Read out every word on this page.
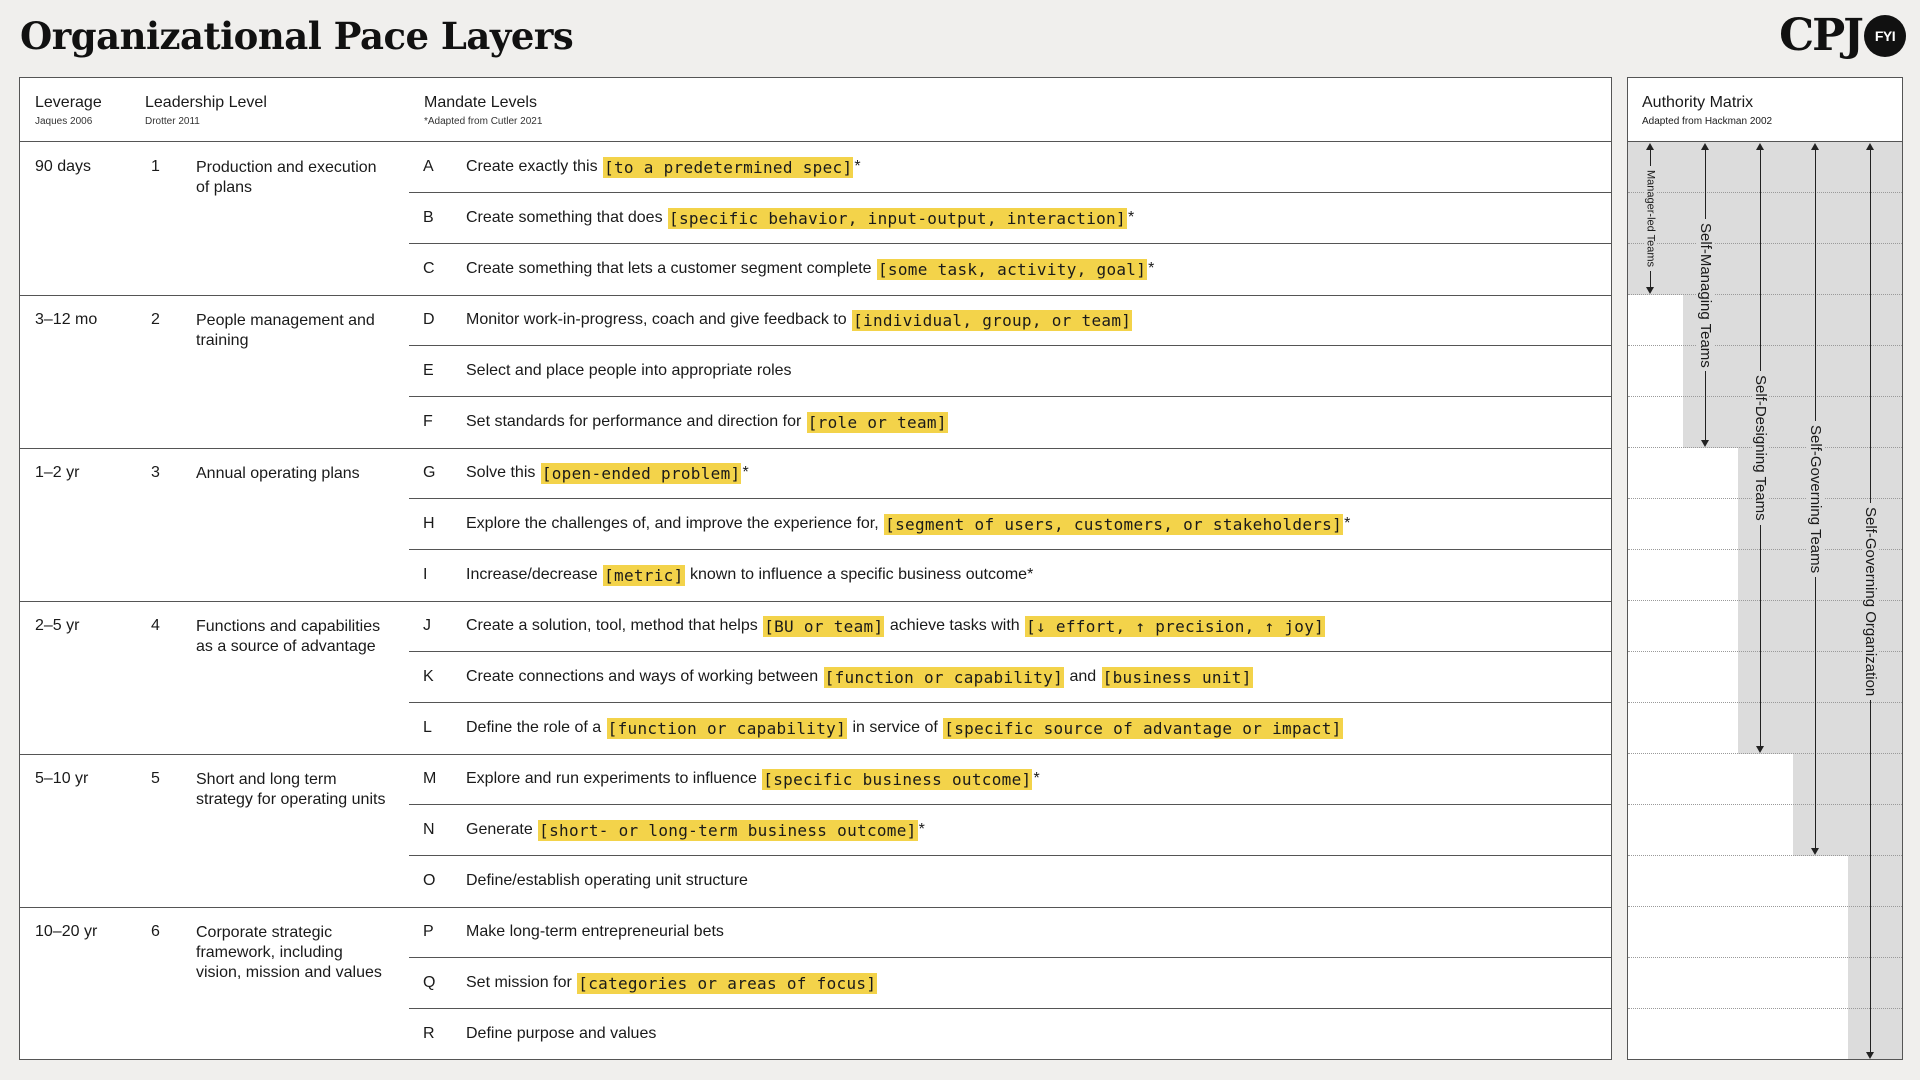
Organizational Pace Layers	CPJ FYI
Leverage
Jaques 2006
Leadership Level
Drotter 2011
Mandate Levels
*Adapted from Cutler 2021
90 days	1 Production and execution of plans
A Create exactly this [to a predetermined spec] *
B Create something that does [specific behavior, input-output, interaction] *
C Create something that lets a customer segment complete [some task, activity, goal] *
3–12 mo	2 People management and training
D Monitor work-in-progress, coach and give feedback to [individual, group, or team]
E Select and place people into appropriate roles
F Set standards for performance and direction for [role or team]
1–2 yr	3 Annual operating plans	G Solve this [open-ended problem] *
H Explore the challenges of, and improve the experience for, [segment of users, customers, or stakeholders] *
I Increase/decrease [metric] known to influence a specific business outcome*
2–5 yr	4 Functions and capabilities as a source of advantage
J Create a solution, tool, method that helps [BU or team] achieve tasks with [↓ effort, ↑ precision, ↑ joy]
K Create connections and ways of working between [function or capability] and [business unit]
L Define the role of a [function or capability] in service of [specific source of advantage or impact]
5–10 yr	5 Short and long term strategy for operating units
M Explore and run experiments to influence [specific business outcome] *
N Generate [short- or long-term business outcome] *
O Define/establish operating unit structure
10–20 yr	6 Corporate strategic framework, including vision, mission and values
P Make long-term entrepreneurial bets
Q Set mission for [categories or areas of focus]
R Define purpose and values
Authority Matrix
Adapted from Hackman 2002
Manager-led Teams
Self-Managing Teams
Self-Designing Teams	Self-Governing Teams
Self-Governing Organization
